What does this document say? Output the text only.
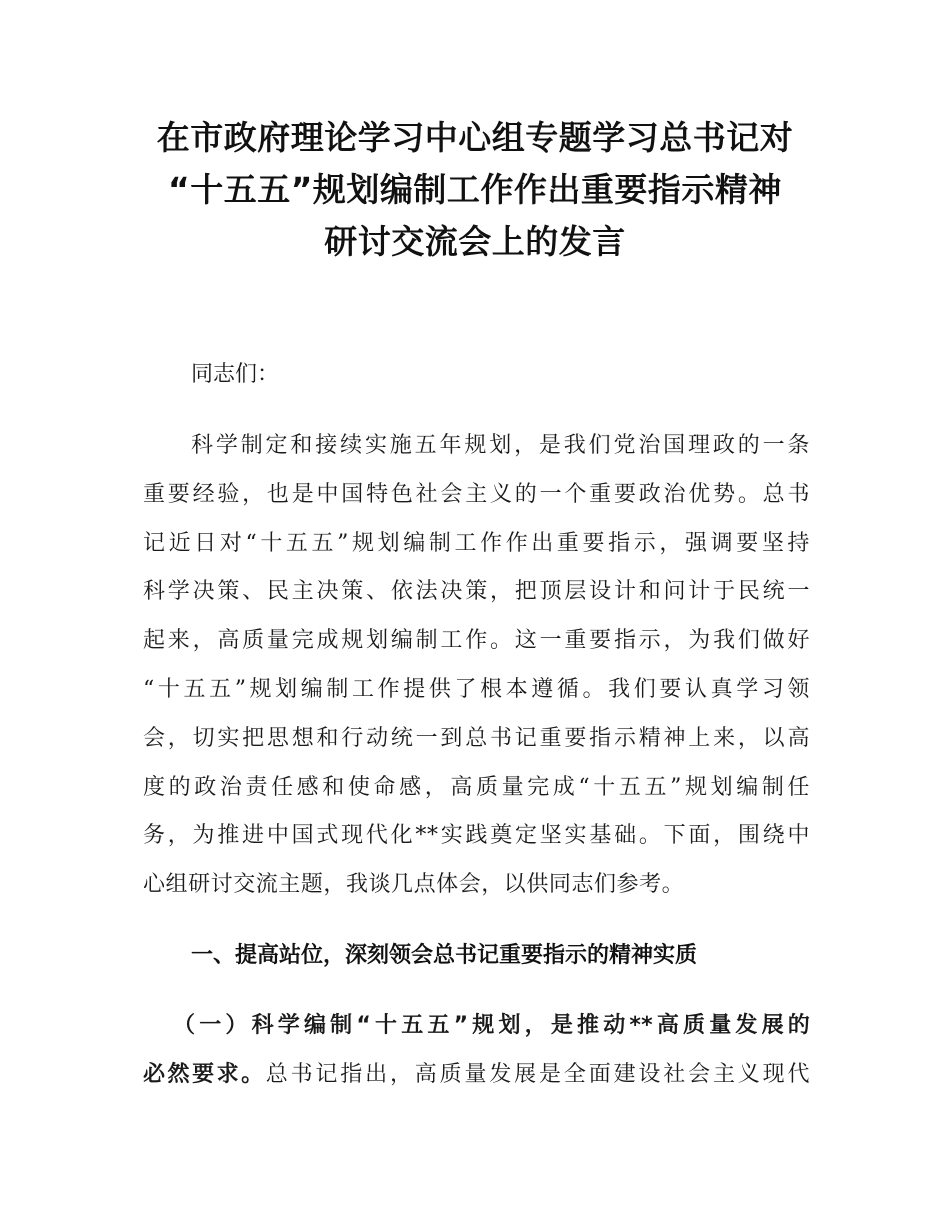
在市政府理论学习中心组专题学习总书记对
“十五五”规划编制工作作出重要指示精神
研讨交流会上的发言

同志们：

科学制定和接续实施五年规划，是我们党治国理政的一条
重要经验，也是中国特色社会主义的一个重要政治优势。总书
记近日对“十五五”规划编制工作作出重要指示，强调要坚持
科学决策、民主决策、依法决策，把顶层设计和问计于民统一
起来，高质量完成规划编制工作。这一重要指示，为我们做好
“十五五”规划编制工作提供了根本遵循。我们要认真学习领
会，切实把思想和行动统一到总书记重要指示精神上来，以高
度的政治责任感和使命感，高质量完成“十五五”规划编制任
务，为推进中国式现代化**实践奠定坚实基础。下面，围绕中
心组研讨交流主题，我谈几点体会，以供同志们参考。

一、提高站位，深刻领会总书记重要指示的精神实质

（一）科学编制“十五五”规划，是推动**高质量发展的
必然要求。总书记指出，高质量发展是全面建设社会主义现代
